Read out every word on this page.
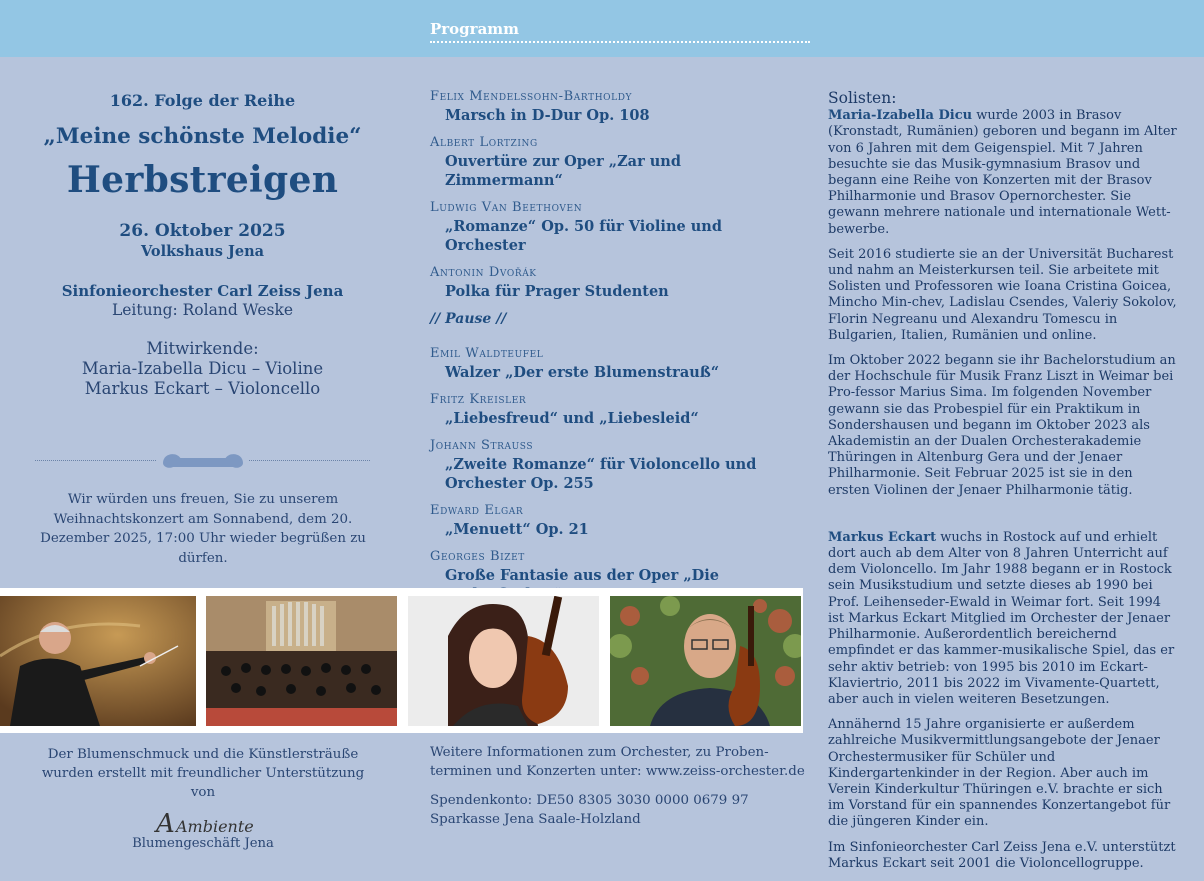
Programm
162. Folge der Reihe
„Meine schönste Melodie“
Herbstreigen
26. Oktober 2025
Volkshaus Jena
Sinfonieorchester Carl Zeiss Jena
Leitung: Roland Weske
Mitwirkende:
Maria-Izabella Dicu – Violine
Markus Eckart – Violoncello
Wir würden uns freuen, Sie zu unserem Weihnachtskonzert am Sonnabend, dem 20. Dezember 2025, 17:00 Uhr wieder begrüßen zu dürfen.
Felix Mendelssohn-Bartholdy
Marsch in D-Dur Op. 108
Albert Lortzing
Ouvertüre zur Oper „Zar und Zimmermann“
Ludwig Van Beethoven
„Romanze“ Op. 50 für Violine und Orchester
Antonin Dvořák
Polka für Prager Studenten
// Pause //
Emil Waldteufel
Walzer „Der erste Blumenstrauß“
Fritz Kreisler
„Liebesfreud“ und „Liebesleid“
Johann Strauss
„Zweite Romanze“ für Violoncello und Orchester Op. 255
Edward Elgar
„Menuett“ Op. 21
Georges Bizet
Große Fantasie aus der Oper „Die
Solisten:

Maria-Izabella Dicu wurde 2003 in Brasov (Kronstadt, Rumänien) geboren und begann im Alter von 6 Jahren mit dem Geigenspiel. Mit 7 Jahren besuchte sie das Musik-gymnasium Brasov und begann eine Reihe von Konzerten mit der Brasov Philharmonie und Brasov Opernorchester. Sie gewann mehrere nationale und internationale Wett-bewerbe.

Seit 2016 studierte sie an der Universität Bucharest und nahm an Meisterkursen teil. Sie arbeitete mit Solisten und Professoren wie Ioana Cristina Goicea, Mincho Min-chev, Ladislau Csendes, Valeriy Sokolov, Florin Negreanu und Alexandru Tomescu in Bulgarien, Italien, Rumänien und online.

Im Oktober 2022 begann sie ihr Bachelorstudium an der Hochschule für Musik Franz Liszt in Weimar bei Pro-fessor Marius Sima. Im folgenden November gewann sie das Probespiel für ein Praktikum in Sondershausen und begann im Oktober 2023 als Akademistin an der Dualen Orchesterakademie Thüringen in Altenburg Gera und der Jenaer Philharmonie. Seit Februar 2025 ist sie in den ersten Violinen der Jenaer Philharmonie tätig.

Markus Eckart wuchs in Rostock auf und erhielt dort auch ab dem Alter von 8 Jahren Unterricht auf dem Violoncello. Im Jahr 1988 begann er in Rostock sein Musikstudium und setzte dieses ab 1990 bei Prof. Leihenseder-Ewald in Weimar fort. Seit 1994 ist Markus Eckart Mitglied im Orchester der Jenaer Philharmonie. Außerordentlich bereichernd empfindet er das kammer-musikalische Spiel, das er sehr aktiv betrieb: von 1995 bis 2010 im Eckart-Klaviertrio, 2011 bis 2022 im Vivamente-Quartett, aber auch in vielen weiteren Besetzungen.

Annähernd 15 Jahre organisierte er außerdem zahlreiche Musikvermittlungsangebote der Jenaer Orchestermusiker für Schüler und Kindergartenkinder in der Region. Aber auch im Verein Kinderkultur Thüringen e.V. brachte er sich im Vorstand für ein spannendes Konzertangebot für die jüngeren Kinder ein.

Im Sinfonieorchester Carl Zeiss Jena e.V. unterstützt Markus Eckart seit 2001 die Violoncellogruppe.

Der Blumenschmuck und die Künstlersträuße wurden erstellt mit freundlicher Unterstützung von
A Ambiente
Blumengeschäft Jena

Weitere Informationen zum Orchester, zu Proben-terminen und Konzerten unter: www.zeiss-orchester.de

Spendenkonto: DE50 8305 3030 0000 0679 97
Sparkasse Jena Saale-Holzland
